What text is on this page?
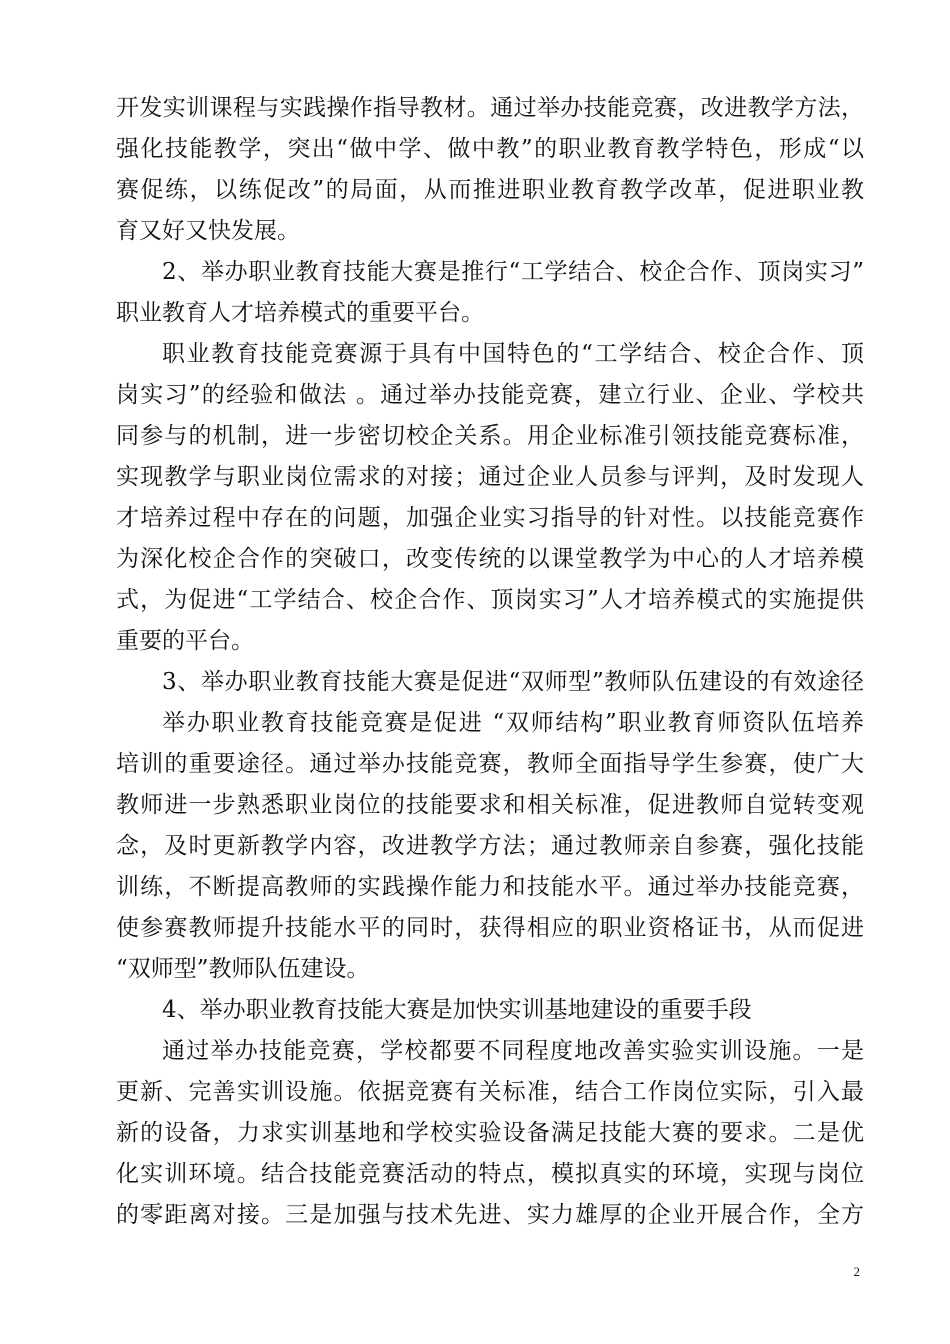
开发实训课程与实践操作指导教材。通过举办技能竞赛，改进教学方法，
强化技能教学，突出“做中学、做中教”的职业教育教学特色，形成“以
赛促练，以练促改”的局面，从而推进职业教育教学改革，促进职业教
育又好又快发展。
2、举办职业教育技能大赛是推行“工学结合、校企合作、顶岗实习”
职业教育人才培养模式的重要平台。
职业教育技能竞赛源于具有中国特色的“工学结合、校企合作、顶
岗实习”的经验和做法 。通过举办技能竞赛，建立行业、企业、学校共
同参与的机制，进一步密切校企关系。用企业标准引领技能竞赛标准，
实现教学与职业岗位需求的对接；通过企业人员参与评判，及时发现人
才培养过程中存在的问题，加强企业实习指导的针对性。以技能竞赛作
为深化校企合作的突破口，改变传统的以课堂教学为中心的人才培养模
式，为促进“工学结合、校企合作、顶岗实习”人才培养模式的实施提供
重要的平台。
3、举办职业教育技能大赛是促进“双师型”教师队伍建设的有效途径
举办职业教育技能竞赛是促进 “双师结构”职业教育师资队伍培养
培训的重要途径。通过举办技能竞赛，教师全面指导学生参赛，使广大
教师进一步熟悉职业岗位的技能要求和相关标准，促进教师自觉转变观
念，及时更新教学内容，改进教学方法；通过教师亲自参赛，强化技能
训练，不断提高教师的实践操作能力和技能水平。通过举办技能竞赛，
使参赛教师提升技能水平的同时，获得相应的职业资格证书，从而促进
“双师型”教师队伍建设。
4、举办职业教育技能大赛是加快实训基地建设的重要手段
通过举办技能竞赛，学校都要不同程度地改善实验实训设施。一是
更新、完善实训设施。依据竞赛有关标准，结合工作岗位实际，引入最
新的设备，力求实训基地和学校实验设备满足技能大赛的要求。二是优
化实训环境。结合技能竞赛活动的特点，模拟真实的环境，实现与岗位
的零距离对接。三是加强与技术先进、实力雄厚的企业开展合作，全方
2
